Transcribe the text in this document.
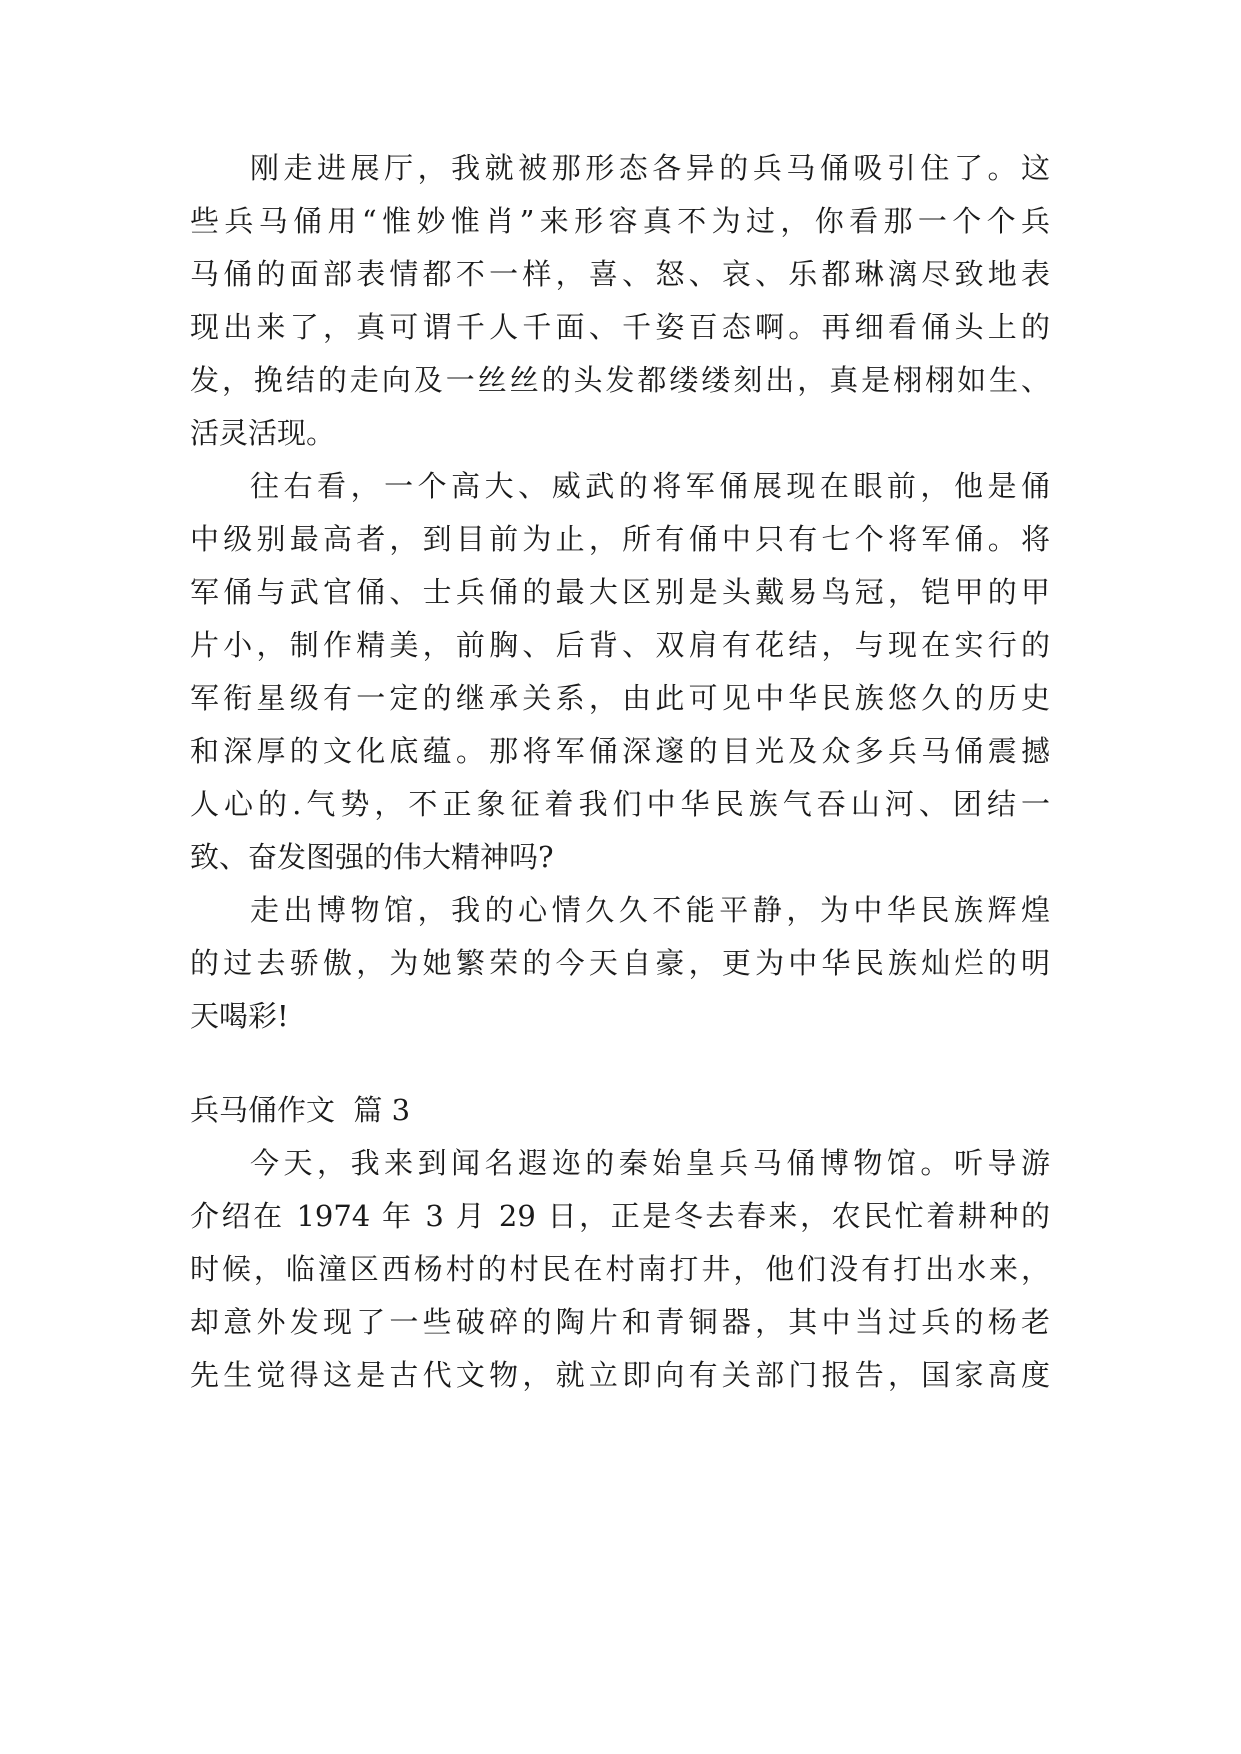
刚走进展厅，我就被那形态各异的兵马俑吸引住了。这
些兵马俑用“惟妙惟肖”来形容真不为过，你看那一个个兵
马俑的面部表情都不一样，喜、怒、哀、乐都琳漓尽致地表
现出来了，真可谓千人千面、千姿百态啊。再细看俑头上的
发，挽结的走向及一丝丝的头发都缕缕刻出，真是栩栩如生、
活灵活现。
往右看，一个高大、威武的将军俑展现在眼前，他是俑
中级别最高者，到目前为止，所有俑中只有七个将军俑。将
军俑与武官俑、士兵俑的最大区别是头戴易鸟冠，铠甲的甲
片小，制作精美，前胸、后背、双肩有花结，与现在实行的
军衔星级有一定的继承关系，由此可见中华民族悠久的历史
和深厚的文化底蕴。那将军俑深邃的目光及众多兵马俑震撼
人心的.气势，不正象征着我们中华民族气吞山河、团结一
致、奋发图强的伟大精神吗?
走出博物馆，我的心情久久不能平静，为中华民族辉煌
的过去骄傲，为她繁荣的今天自豪，更为中华民族灿烂的明
天喝彩!
兵马俑作文  篇 3
今天，我来到闻名遐迩的秦始皇兵马俑博物馆。听导游
介绍在 1974 年 3 月 29 日，正是冬去春来，农民忙着耕种的
时候，临潼区西杨村的村民在村南打井，他们没有打出水来，
却意外发现了一些破碎的陶片和青铜器，其中当过兵的杨老
先生觉得这是古代文物，就立即向有关部门报告，国家高度
